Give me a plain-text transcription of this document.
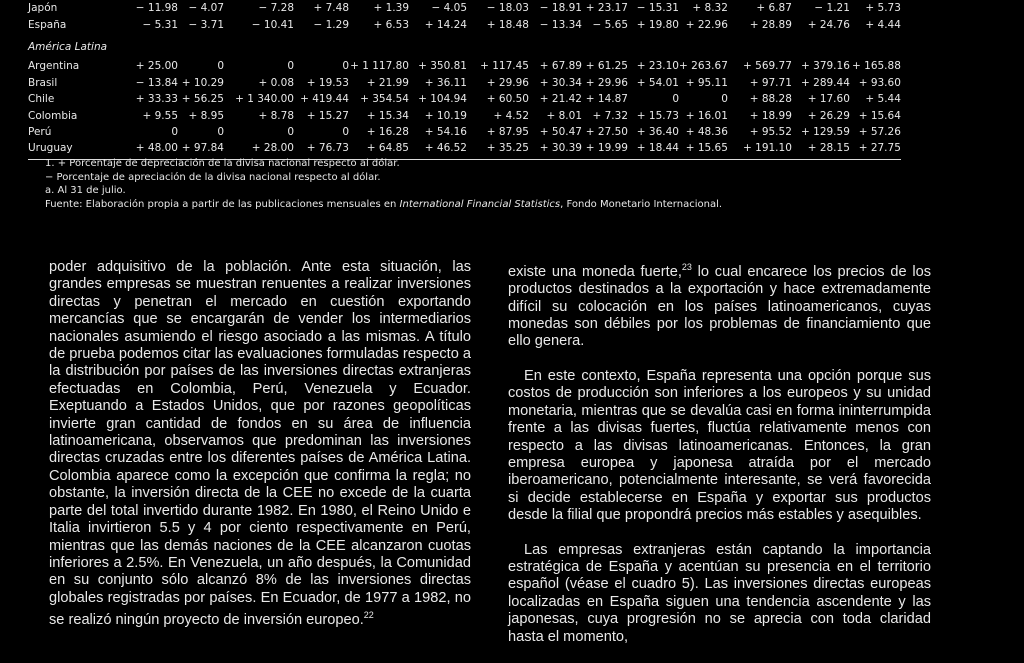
Japón	− 11.98	− 4.07	− 7.28	+ 7.48	+ 1.39	− 4.05	− 18.03	− 18.91	+ 23.17	− 15.31	+ 8.32	+ 6.87	− 1.21	+ 5.73
España	− 5.31	− 3.71	− 10.41	− 1.29	+ 6.53	+ 14.24	+ 18.48	− 13.34	− 5.65	+ 19.80	+ 22.96	+ 28.89	+ 24.76	+ 4.44
América Latina														
Argentina	+ 25.00	0	0	0	+ 1 117.80	+ 350.81	+ 117.45	+ 67.89	+ 61.25	+ 23.10	+ 263.67	+ 569.77	+ 379.16	+ 165.88
Brasil	− 13.84	+ 10.29	+ 0.08	+ 19.53	+ 21.99	+ 36.11	+ 29.96	+ 30.34	+ 29.96	+ 54.01	+ 95.11	+ 97.71	+ 289.44	+ 93.60
Chile	+ 33.33	+ 56.25	+ 1 340.00	+ 419.44	+ 354.54	+ 104.94	+ 60.50	+ 21.42	+ 14.87	0	0	+ 88.28	+ 17.60	+ 5.44
Colombia	+ 9.55	+ 8.95	+ 8.78	+ 15.27	+ 15.34	+ 10.19	+ 4.52	+ 8.01	+ 7.32	+ 15.73	+ 16.01	+ 18.99	+ 26.29	+ 15.64
Perú	0	0	0	0	+ 16.28	+ 54.16	+ 87.95	+ 50.47	+ 27.50	+ 36.40	+ 48.36	+ 95.52	+ 129.59	+ 57.26
Uruguay	+ 48.00	+ 97.84	+ 28.00	+ 76.73	+ 64.85	+ 46.52	+ 35.25	+ 30.39	+ 19.99	+ 18.44	+ 15.65	+ 191.10	+ 28.15	+ 27.75

1. + Porcentaje de depreciación de la divisa nacional respecto al dólar.

− Porcentaje de apreciación de la divisa nacional respecto al dólar.

a. Al 31 de julio.

Fuente: Elaboración propia a partir de las publicaciones mensuales en International Financial Statistics, Fondo Monetario Internacional.

poder adquisitivo de la población. Ante esta situación, las grandes empresas se muestran renuentes a realizar inversiones directas y penetran el mercado en cuestión exportando mercancías que se encargarán de vender los intermediarios nacionales asumiendo el riesgo asociado a las mismas. A título de prueba podemos citar las evaluaciones formuladas respecto a la distribución por países de las inversiones directas extranjeras efectuadas en Colombia, Perú, Venezuela y Ecuador. Exeptuando a Estados Unidos, que por razones geopolíticas invierte gran cantidad de fondos en su área de influencia latinoamericana, observamos que predominan las inversiones directas cruzadas entre los diferentes países de América Latina. Colombia aparece como la excepción que confirma la regla; no obstante, la inversión directa de la CEE no excede de la cuarta parte del total invertido durante 1982. En 1980, el Reino Unido e Italia invirtieron 5.5 y 4 por ciento respectivamente en Perú, mientras que las demás naciones de la CEE alcanzaron cuotas inferiores a 2.5%. En Venezuela, un año después, la Comunidad en su conjunto sólo alcanzó 8% de las inversiones directas globales registradas por países. En Ecuador, de 1977 a 1982, no se realizó ningún proyecto de inversión europeo.$^{22}$

existe una moneda fuerte,$^{23}$ lo cual encarece los precios de los productos destinados a la exportación y hace extremadamente difícil su colocación en los países latinoamericanos, cuyas monedas son débiles por los problemas de financiamiento que ello genera.

En este contexto, España representa una opción porque sus costos de producción son inferiores a los europeos y su unidad monetaria, mientras que se devalúa casi en forma ininterrumpida frente a las divisas fuertes, fluctúa relativamente menos con respecto a las divisas latinoamericanas. Entonces, la gran empresa europea y japonesa atraída por el mercado iberoamericano, potencialmente interesante, se verá favorecida si decide establecerse en España y exportar sus productos desde la filial que propondrá precios más estables y asequibles.

Las empresas extranjeras están captando la importancia estratégica de España y acentúan su presencia en el territorio español (véase el cuadro 5). Las inversiones directas europeas localizadas en España siguen una tendencia ascendente y las japonesas, cuya progresión no se aprecia con toda claridad hasta el momento,
